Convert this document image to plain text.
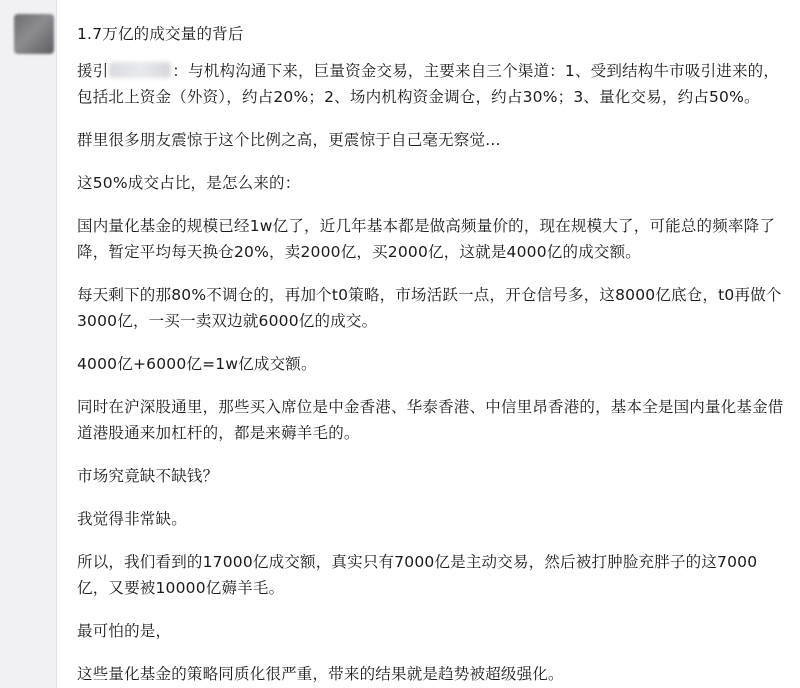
1.7万亿的成交量的背后
援引	：与机构沟通下来，巨量资金交易，主要来自三个渠道：1、受到结构牛市吸引进来的，包括北上资金（外资），约占20%；2、场内机构资金调仓，约占30%；3、量化交易，约占50%。
群里很多朋友震惊于这个比例之高，更震惊于自己毫无察觉...
这50%成交占比，是怎么来的：
国内量化基金的规模已经1w亿了，近几年基本都是做高频量价的，现在规模大了，可能总的频率降了降，暂定平均每天换仓20%，卖2000亿，买2000亿，这就是4000亿的成交额。
每天剩下的那80%不调仓的，再加个t0策略，市场活跃一点，开仓信号多，这8000亿底仓，t0再做个3000亿，一买一卖双边就6000亿的成交。
4000亿+6000亿=1w亿成交额。
同时在沪深股通里，那些买入席位是中金香港、华泰香港、中信里昂香港的，基本全是国内量化基金借道港股通来加杠杆的，都是来薅羊毛的。
市场究竟缺不缺钱？
我觉得非常缺。
所以，我们看到的17000亿成交额，真实只有7000亿是主动交易，然后被打肿脸充胖子的这7000亿，又要被10000亿薅羊毛。
最可怕的是，
这些量化基金的策略同质化很严重，带来的结果就是趋势被超级强化。
